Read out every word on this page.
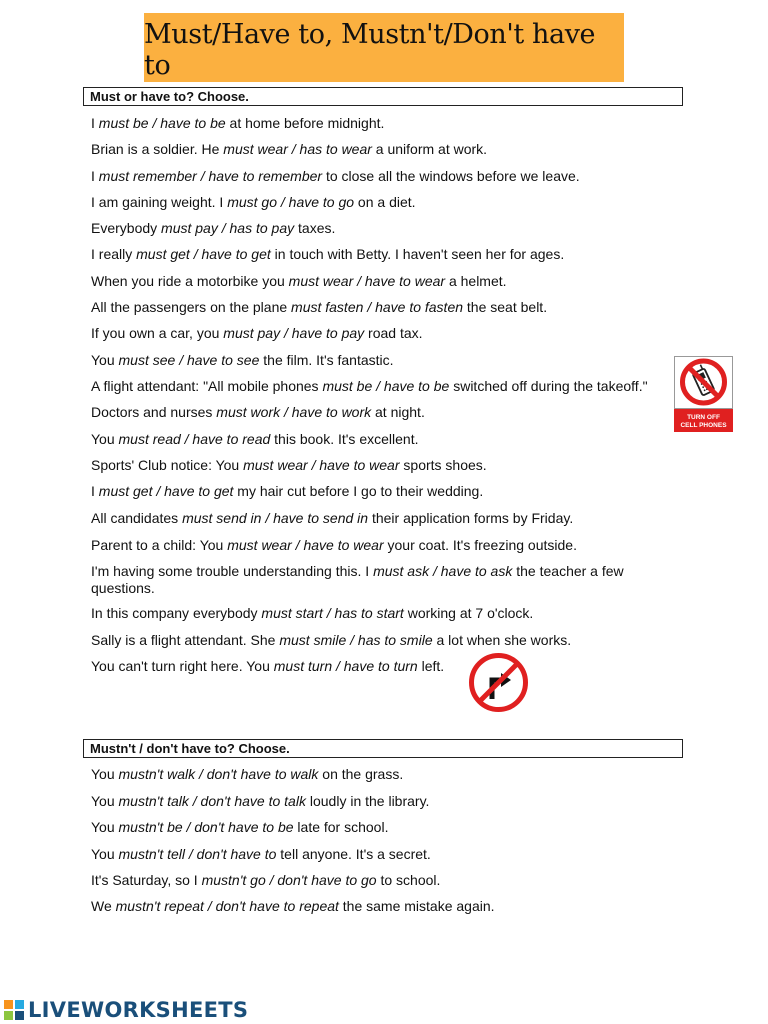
Must/Have to, Mustn't/Don't have to
Must or have to? Choose.
I must be / have to be at home before midnight.
Brian is a soldier. He must wear / has to wear a uniform at work.
I must remember / have to remember to close all the windows before we leave.
I am gaining weight. I must go / have to go on a diet.
Everybody must pay / has to pay taxes.
I really must get / have to get in touch with Betty. I haven't seen her for ages.
When you ride a motorbike you must wear / have to wear a helmet.
All the passengers on the plane must fasten / have to fasten the seat belt.
If you own a car, you must pay / have to pay road tax.
You must see / have to see the film. It's fantastic.
A flight attendant: "All mobile phones must be / have to be switched off during the takeoff."
Doctors and nurses must work / have to work at night.
You must read / have to read this book. It's excellent.
Sports' Club notice: You must wear / have to wear sports shoes.
I must get / have to get my hair cut before I go to their wedding.
All candidates must send in / have to send in their application forms by Friday.
Parent to a child: You must wear / have to wear your coat. It's freezing outside.
I'm having some trouble understanding this. I must ask / have to ask the teacher a few questions.
In this company everybody must start / has to start working at 7 o'clock.
Sally is a flight attendant. She must smile / has to smile a lot when she works.
You can't turn right here. You must turn / have to turn left.
Mustn't / don't have to? Choose.
You mustn't walk / don't have to walk on the grass.
You mustn't talk / don't have to talk loudly in the library.
You mustn't be / don't have to be late for school.
You mustn't tell / don't have to tell anyone. It's a secret.
It's Saturday, so I mustn't go / don't have to go to school.
We mustn't repeat / don't have to repeat the same mistake again.
TURN OFF
CELL PHONES
LIVEWORKSHEETS
